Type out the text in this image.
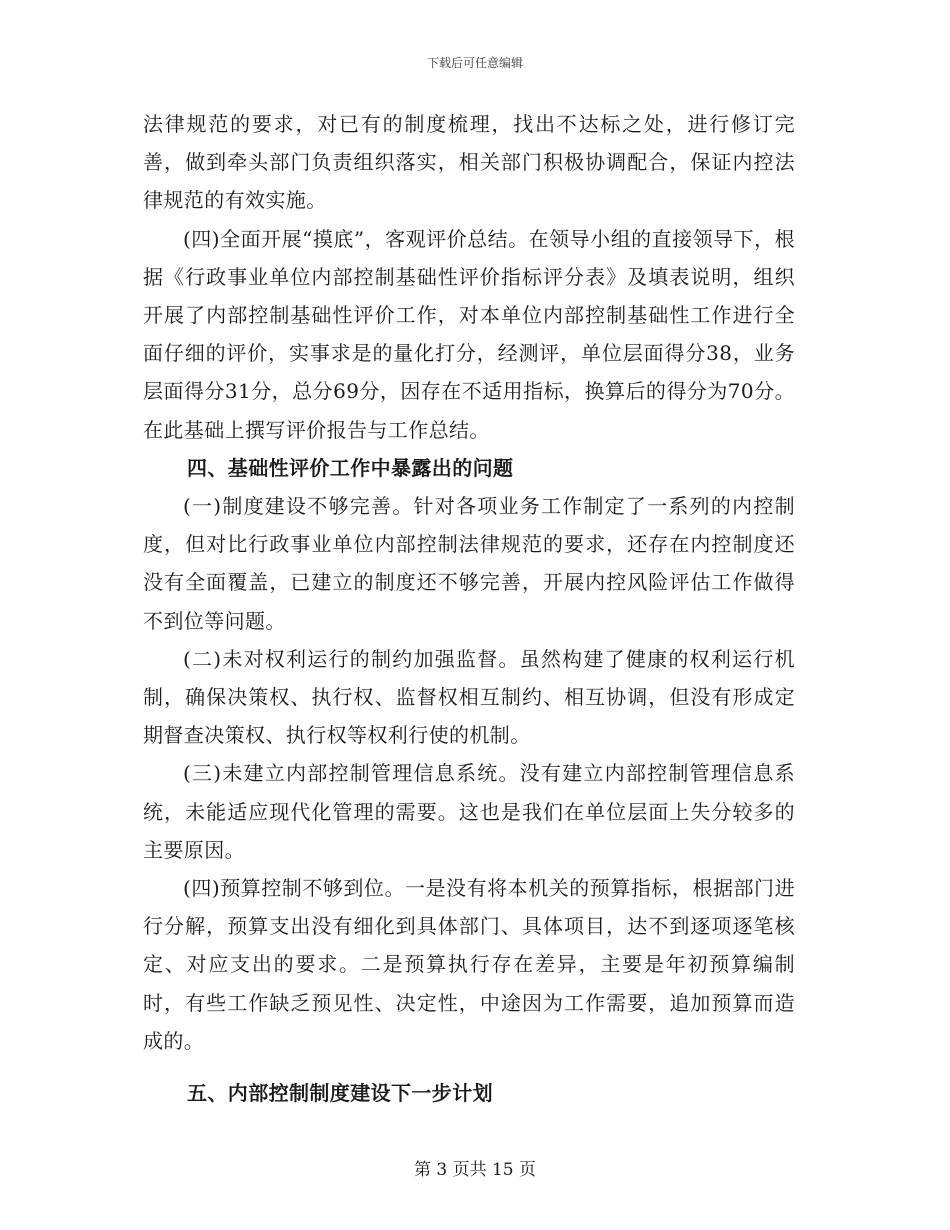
下载后可任意编辑

法律规范的要求，对已有的制度梳理，找出不达标之处，进行修订完善，做到牵头部门负责组织落实，相关部门积极协调配合，保证内控法律规范的有效实施。

(四)全面开展“摸底”，客观评价总结。在领导小组的直接领导下，根据《行政事业单位内部控制基础性评价指标评分表》及填表说明，组织开展了内部控制基础性评价工作，对本单位内部控制基础性工作进行全面仔细的评价，实事求是的量化打分，经测评，单位层面得分38，业务层面得分31分，总分69分，因存在不适用指标，换算后的得分为70分。在此基础上撰写评价报告与工作总结。

四、基础性评价工作中暴露出的问题

(一)制度建设不够完善。针对各项业务工作制定了一系列的内控制度，但对比行政事业单位内部控制法律规范的要求，还存在内控制度还没有全面覆盖，已建立的制度还不够完善，开展内控风险评估工作做得不到位等问题。

(二)未对权利运行的制约加强监督。虽然构建了健康的权利运行机制，确保决策权、执行权、监督权相互制约、相互协调，但没有形成定期督查决策权、执行权等权利行使的机制。

(三)未建立内部控制管理信息系统。没有建立内部控制管理信息系统，未能适应现代化管理的需要。这也是我们在单位层面上失分较多的主要原因。

(四)预算控制不够到位。一是没有将本机关的预算指标，根据部门进行分解，预算支出没有细化到具体部门、具体项目，达不到逐项逐笔核定、对应支出的要求。二是预算执行存在差异，主要是年初预算编制时，有些工作缺乏预见性、决定性，中途因为工作需要，追加预算而造成的。

五、内部控制制度建设下一步计划

第 3 页共 15 页
